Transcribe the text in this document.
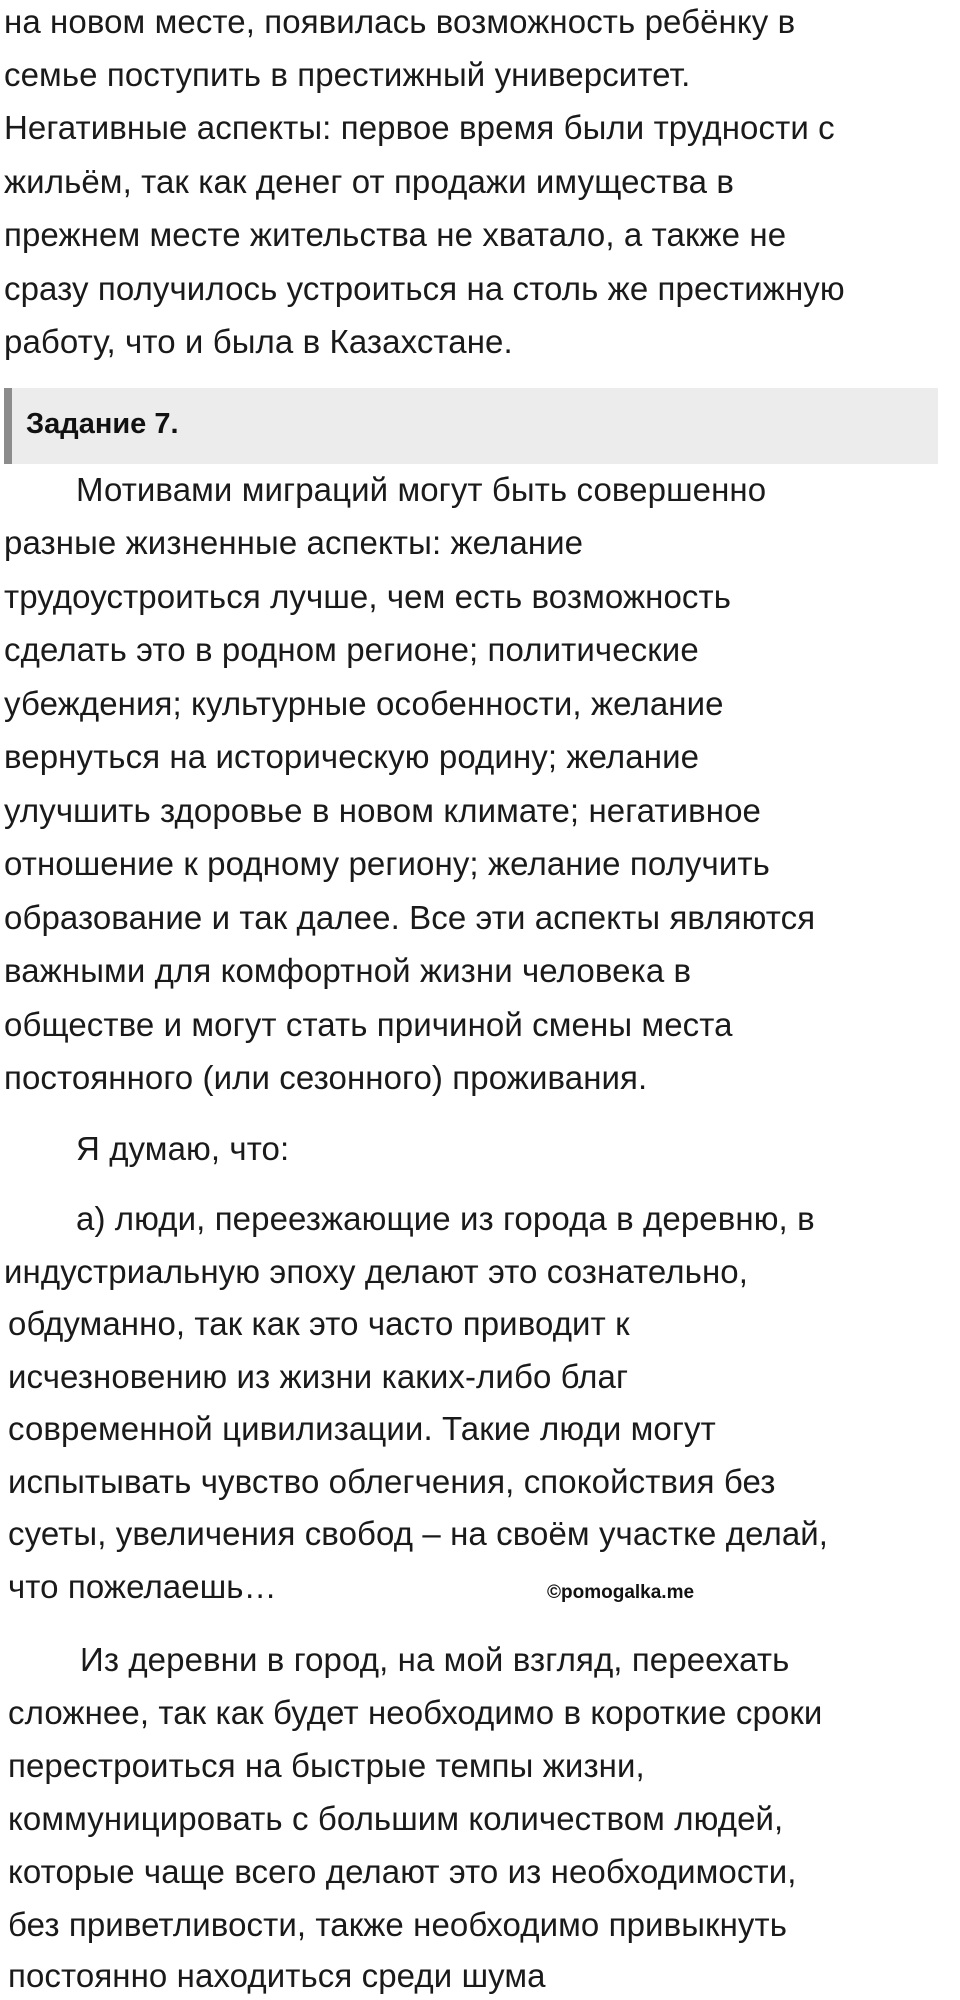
на новом месте, появилась возможность ребёнку в
семье поступить в престижный университет.
Негативные аспекты: первое время были трудности с
жильём, так как денег от продажи имущества в
прежнем месте жительства не хватало, а также не
сразу получилось устроиться на столь же престижную
работу, что и была в Казахстане.
Задание 7.
Мотивами миграций могут быть совершенно
разные жизненные аспекты: желание
трудоустроиться лучше, чем есть возможность
сделать это в родном регионе; политические
убеждения; культурные особенности, желание
вернуться на историческую родину; желание
улучшить здоровье в новом климате; негативное
отношение к родному региону; желание получить
образование и так далее. Все эти аспекты являются
важными для комфортной жизни человека в
обществе и могут стать причиной смены места
постоянного (или сезонного) проживания.
Я думаю, что:
а) люди, переезжающие из города в деревню, в
индустриальную эпоху делают это сознательно,
обдуманно, так как это часто приводит к
исчезновению из жизни каких-либо благ
современной цивилизации. Такие люди могут
испытывать чувство облегчения, спокойствия без
суеты, увеличения свобод – на своём участке делай,
что пожелаешь…	©pomogalka.me
Из деревни в город, на мой взгляд, переехать
сложнее, так как будет необходимо в короткие сроки
перестроиться на быстрые темпы жизни,
коммуницировать с большим количеством людей,
которые чаще всего делают это из необходимости,
без приветливости, также необходимо привыкнуть
постоянно находиться среди шума
